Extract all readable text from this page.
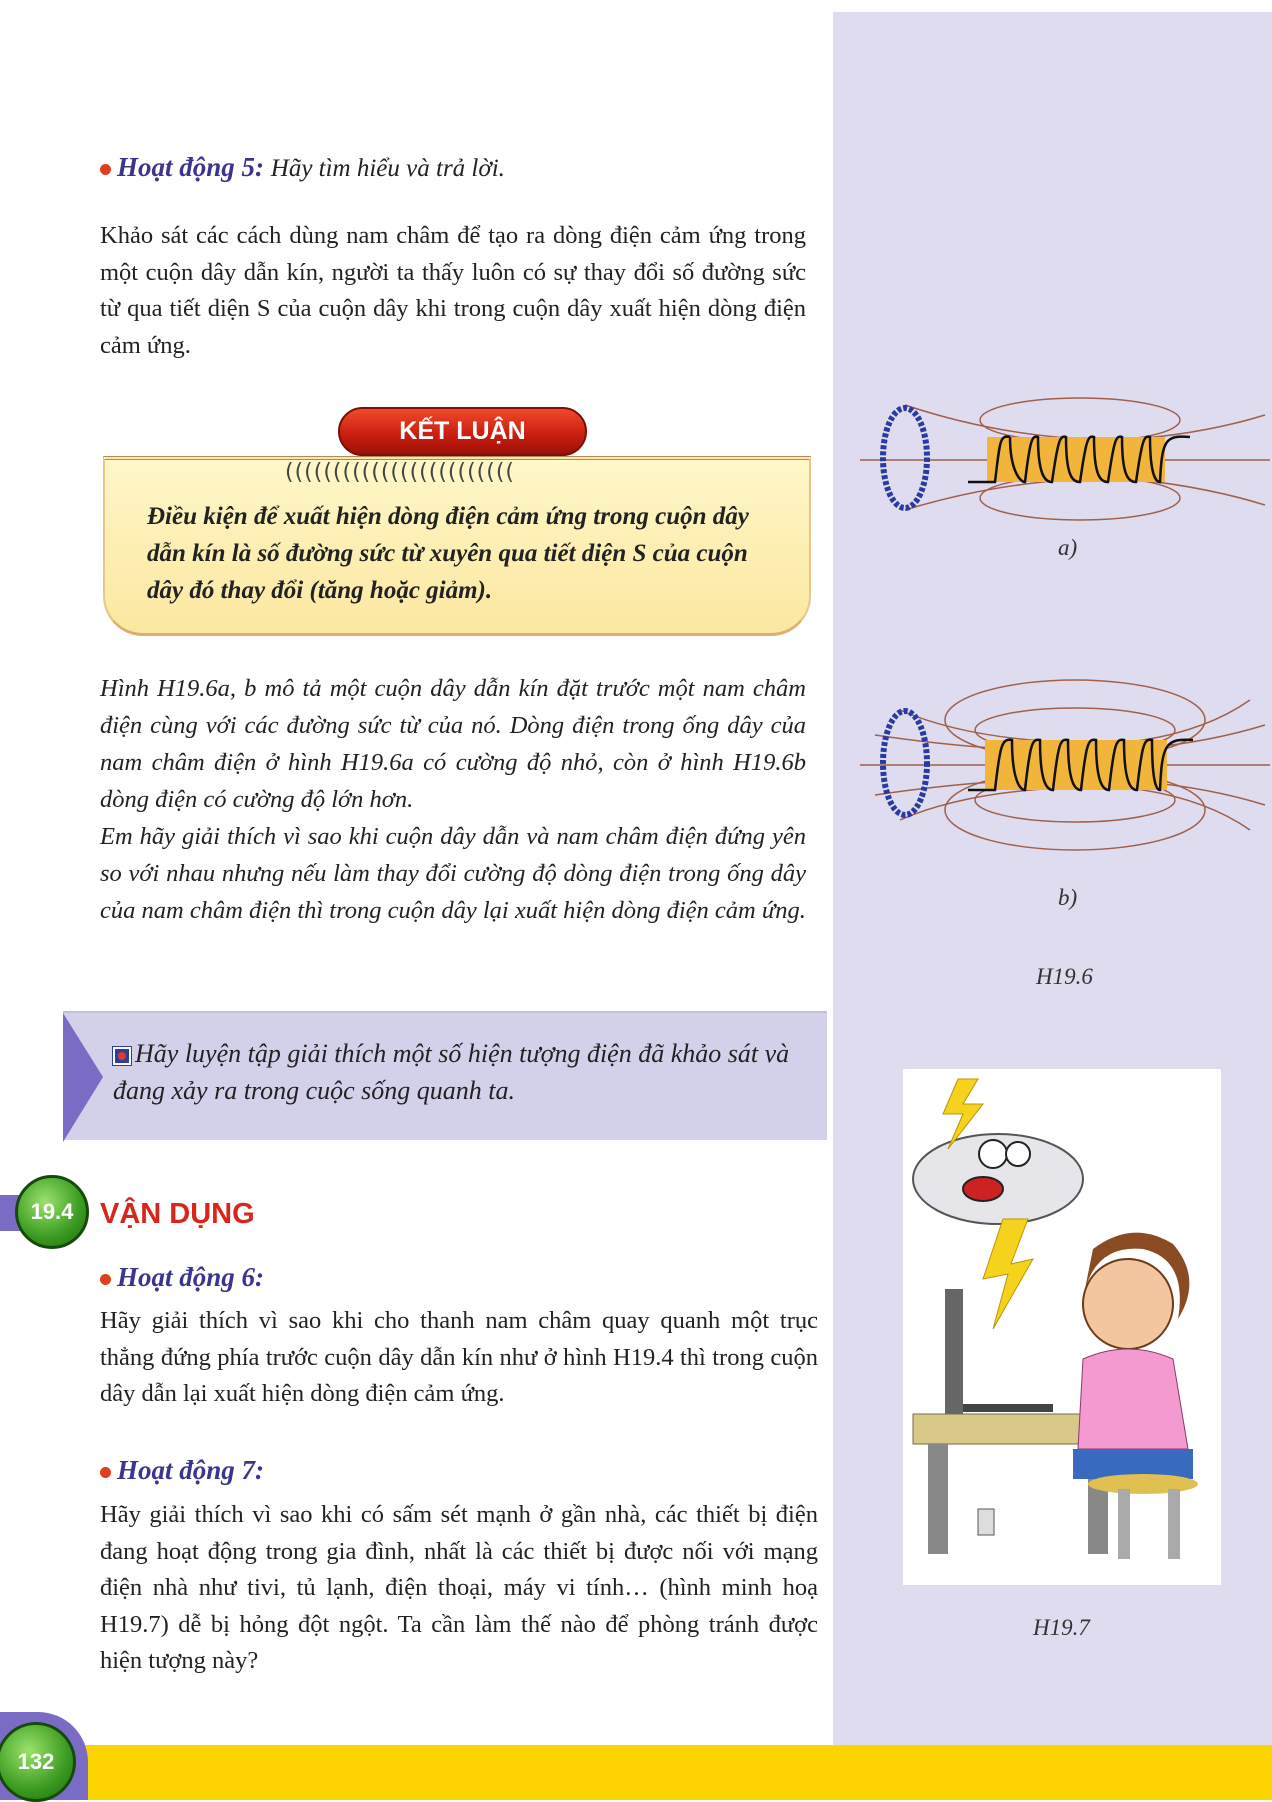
Hoạt động 5: Hãy tìm hiểu và trả lời.

Khảo sát các cách dùng nam châm để tạo ra dòng điện cảm ứng trong một cuộn dây dẫn kín, người ta thấy luôn có sự thay đổi số đường sức từ qua tiết diện S của cuộn dây khi trong cuộn dây xuất hiện dòng điện cảm ứng.

KẾT LUẬN
((((((((((((((((((((((((

Điều kiện để xuất hiện dòng điện cảm ứng trong cuộn dây dẫn kín là số đường sức từ xuyên qua tiết diện S của cuộn dây đó thay đổi (tăng hoặc giảm).

Hình H19.6a, b mô tả một cuộn dây dẫn kín đặt trước một nam châm điện cùng với các đường sức từ của nó. Dòng điện trong ống dây của nam châm điện ở hình H19.6a có cường độ nhỏ, còn ở hình H19.6b dòng điện có cường độ lớn hơn.

Em hãy giải thích vì sao khi cuộn dây dẫn và nam châm điện đứng yên so với nhau nhưng nếu làm thay đổi cường độ dòng điện trong ống dây của nam châm điện thì trong cuộn dây lại xuất hiện dòng điện cảm ứng.

Hãy luyện tập giải thích một số hiện tượng điện đã khảo sát và đang xảy ra trong cuộc sống quanh ta.

19.4 VẬN DỤNG
Hoạt động 6:

Hãy giải thích vì sao khi cho thanh nam châm quay quanh một trục thẳng đứng phía trước cuộn dây dẫn kín như ở hình H19.4 thì trong cuộn dây dẫn lại xuất hiện dòng điện cảm ứng.

Hoạt động 7:

Hãy giải thích vì sao khi có sấm sét mạnh ở gần nhà, các thiết bị điện đang hoạt động trong gia đình, nhất là các thiết bị được nối với mạng điện nhà như tivi, tủ lạnh, điện thoại, máy vi tính… (hình minh hoạ H19.7) dễ bị hỏng đột ngột. Ta cần làm thế nào để phòng tránh được hiện tượng này?

a)
b)
H19.6
H19.7
132
